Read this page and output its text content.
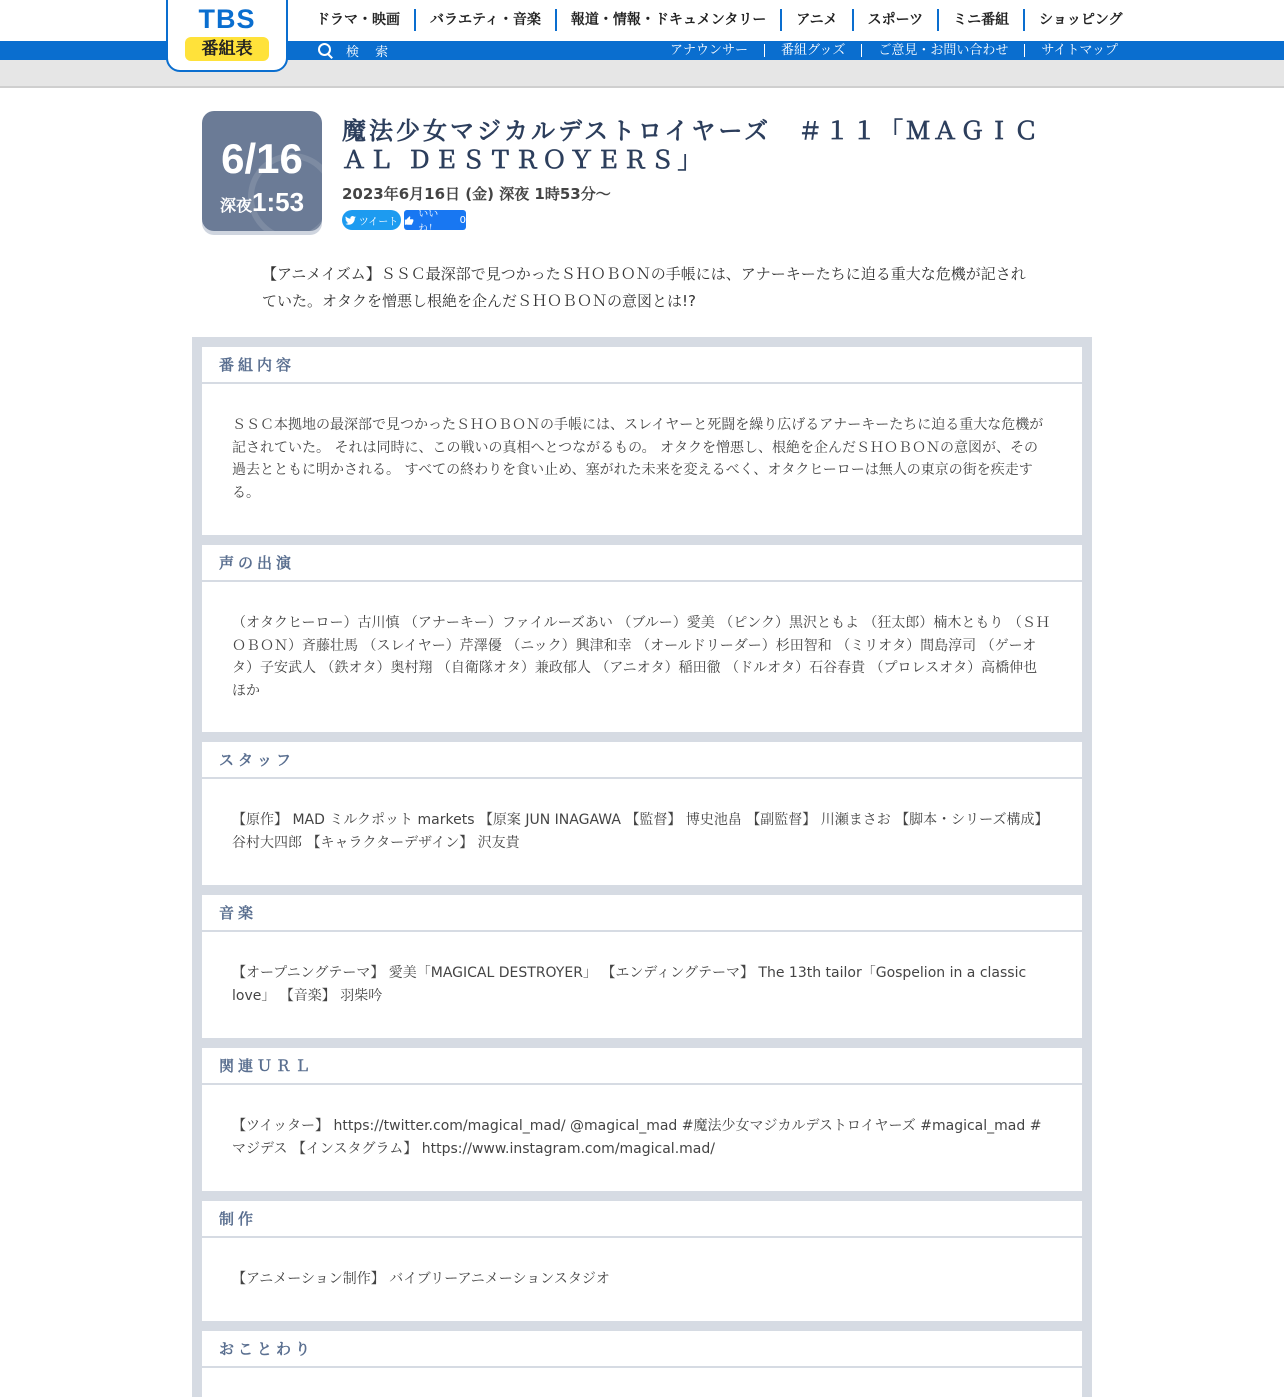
TBS
番組表
ドラマ・映画	バラエティ・音楽	報道・情報・ドキュメンタリー	アニメ	スポーツ	ミニ番組	ショッピング
検 索	アナウンサー	番組グッズ	ご意見・お問い合わせ	サイトマップ
6/16
深夜1:53
魔法少女マジカルデストロイヤーズ　＃１１「ＭＡＧＩＣＡＬ ＤＥＳＴＲＯＹＥＲＳ」
2023年6月16日 (金) 深夜 1時53分〜
ツイート
いいね！
0

【アニメイズム】ＳＳＣ最深部で見つかったＳＨＯＢＯＮの手帳には、アナーキーたちに迫る重大な危機が記されていた。オタクを憎悪し根絶を企んだＳＨＯＢＯＮの意図とは!?

番組内容

ＳＳＣ本拠地の最深部で見つかったＳＨＯＢＯＮの手帳には、スレイヤーと死闘を繰り広げるアナーキーたちに迫る重大な危機が記されていた。 それは同時に、この戦いの真相へとつながるもの。 オタクを憎悪し、根絶を企んだＳＨＯＢＯＮの意図が、その過去とともに明かされる。 すべての終わりを食い止め、塞がれた未来を変えるべく、オタクヒーローは無人の東京の街を疾走する。

声の出演

（オタクヒーロー）古川慎 （アナーキー）ファイルーズあい （ブルー）愛美 （ピンク）黒沢ともよ （狂太郎）楠木ともり （ＳＨＯＢＯＮ）斉藤壮馬 （スレイヤー）芹澤優 （ニック）興津和幸 （オールドリーダー）杉田智和 （ミリオタ）間島淳司 （ゲーオタ）子安武人 （鉄オタ）奥村翔 （自衛隊オタ）兼政郁人 （アニオタ）稲田徹 （ドルオタ）石谷春貴 （プロレスオタ）高橋伸也 ほか

スタッフ

【原作】 MAD ミルクポット markets 【原案 JUN INAGAWA 【監督】 博史池畠 【副監督】 川瀬まさお 【脚本・シリーズ構成】 谷村大四郎 【キャラクターデザイン】 沢友貴

音楽

【オープニングテーマ】 愛美「MAGICAL DESTROYER」 【エンディングテーマ】 The 13th tailor「Gospelion in a classic love」 【音楽】 羽柴吟

関連ＵＲＬ

【ツイッター】 https://twitter.com/magical_mad/ @magical_mad #魔法少女マジカルデストロイヤーズ #magical_mad #マジデス 【インスタグラム】 https://www.instagram.com/magical.mad/

制作

【アニメーション制作】 バイブリーアニメーションスタジオ

おことわり
